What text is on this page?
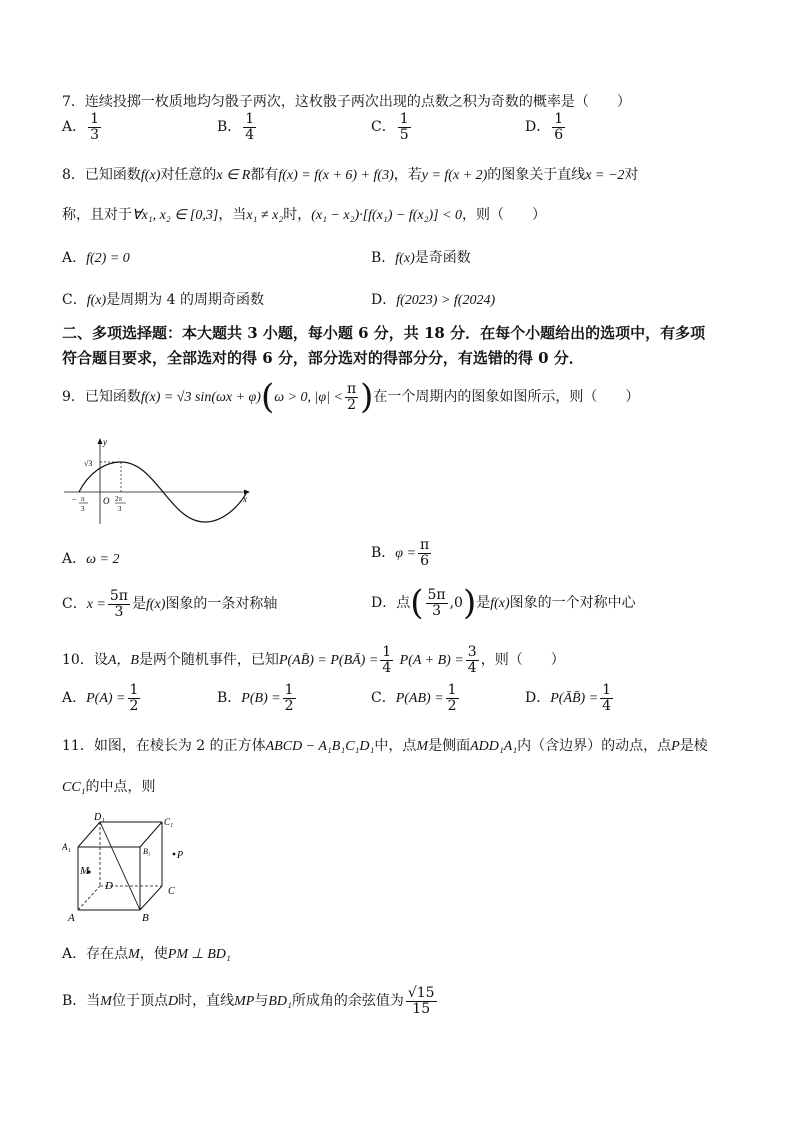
7．连续投掷一枚质地均匀骰子两次，这枚骰子两次出现的点数之积为奇数的概率是（　　）
A． $\frac{1}{3}$	B． $\frac{1}{4}$	C． $\frac{1}{5}$	D． $\frac{1}{6}$
8．已知函数f(x)对任意的x ∈ R都有f(x) = f(x + 6) + f(3)，若y = f(x + 2)的图象关于直线x = −2对
称，且对于∀x₁, x₂ ∈ [0,3]，当x₁ ≠ x₂时，(x₁ − x₂)·[f(x₁) − f(x₂)] < 0，则（　　）
A．f(2) = 0	B．f(x)是奇函数
C．f(x)是周期为 4 的周期奇函数	D．f(2023) > f(2024)
二、多项选择题：本大题共 3 小题，每小题 6 分，共 18 分．在每个小题给出的选项中，有多项
符合题目要求，全部选对的得 6 分，部分选对的得部分分，有选错的得 0 分．
9．已知函数f(x) = √3 sin(ωx + φ)(ω > 0, $|\varphi| < \frac{\pi}{2}$ )在一个周期内的图象如图所示，则（　　）
y
x
O
√3
− π
3
2π
3
A．ω = 2	B．$\varphi = \frac{\pi}{6}$
C．$x = \frac{5\pi}{3}$ 是f(x)图象的一条对称轴	D．点( $\frac{5\pi}{3} ,0$)是f(x)图象的一个对称中心
10．设A，B是两个随机事件，已知P(AB̄) = P(BĀ) = $\frac{1}{4} P(A + B) = \frac{3}{4}$ ，则（　　）
A．$P(A) = \frac{1}{2}$	B．$P(B) = \frac{1}{2}$	C．$P(AB) = \frac{1}{2}$	D．P(ĀB̄) = $\frac{1}{4}$
11．如图，在棱长为 2 的正方体ABCD − A₁B₁C₁D₁中，点M是侧面ADD₁A₁内（含边界）的动点，点P是棱
CC₁的中点，则
D₁	C₁
A₁	B₁
M
P
D	C
A	B
A．存在点M，使PM ⊥ BD₁
B．当M位于顶点D时，直线MP与BD₁所成角的余弦值为 $\frac{√15}{15}$
